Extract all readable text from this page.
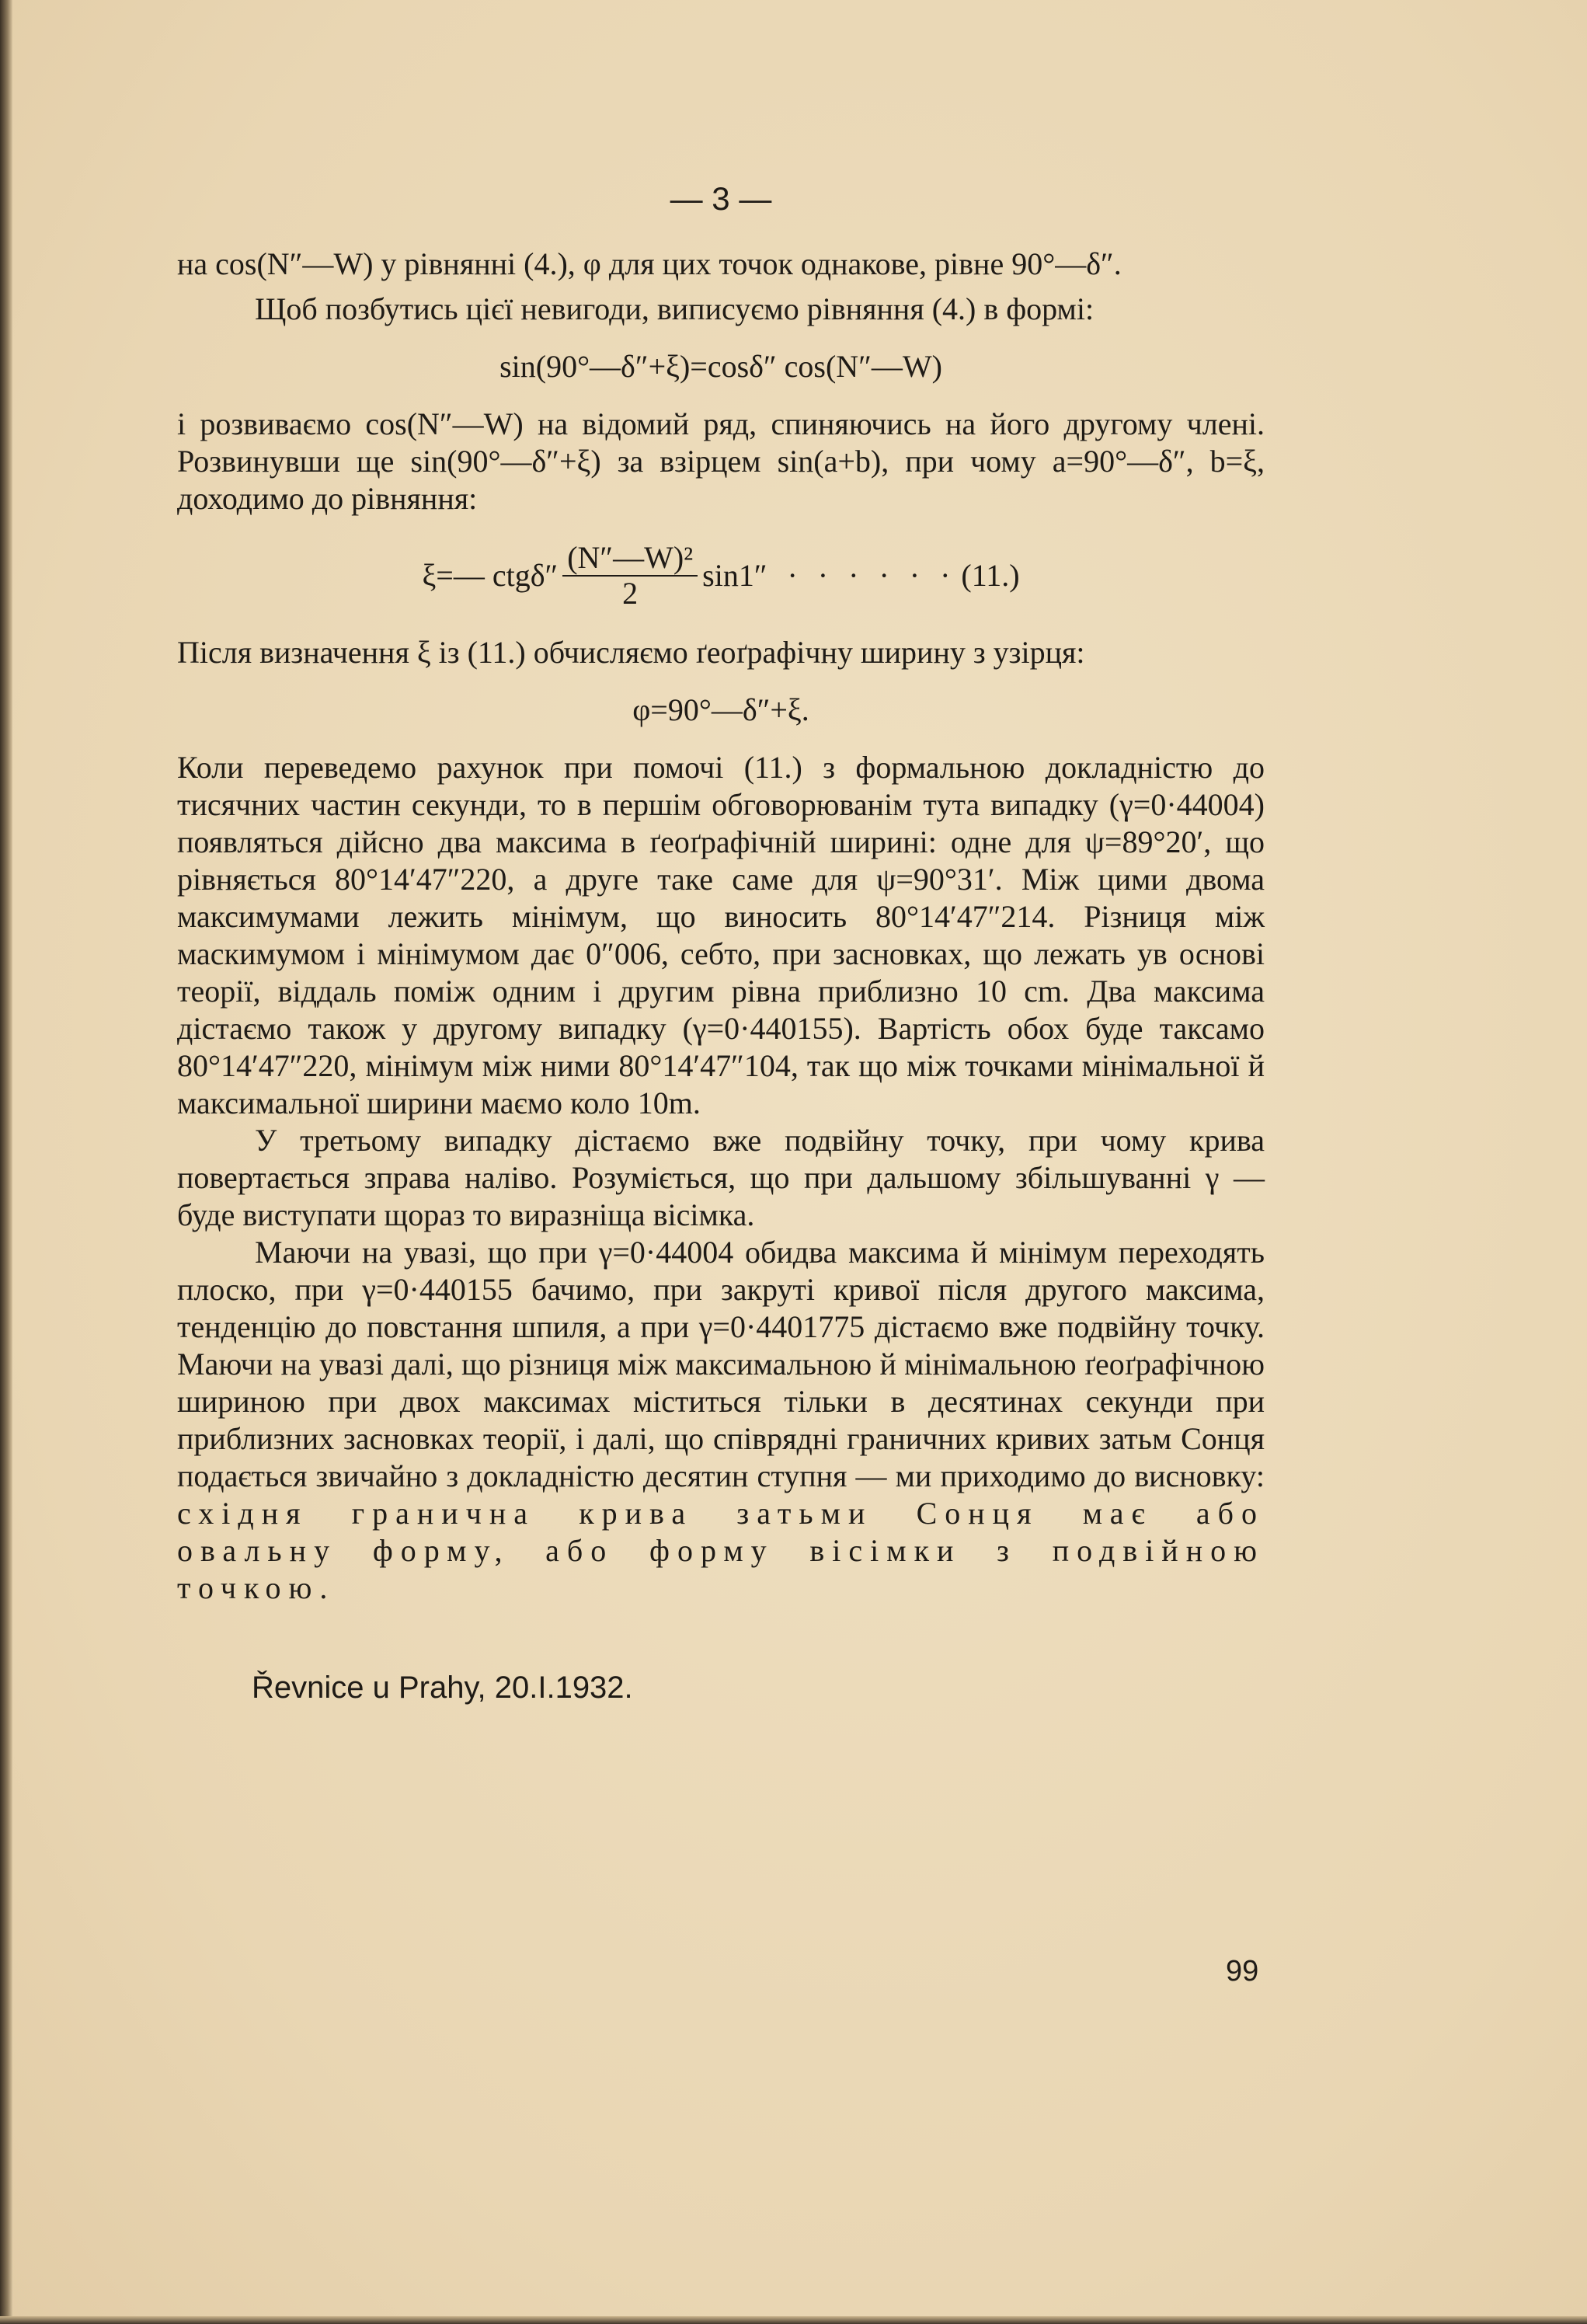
— 3 —

на cos(N″—W) у рівнянні (4.), φ для цих точок однакове, рівне 90°—δ″.

Щоб позбутись цієї невигоди, виписуємо рівняння (4.) в формі:

sin(90°—δ″+ξ)=cosδ″ cos(N″—W)

і розвиваємо cos(N″—W) на відомий ряд, спиняючись на його другому члені. Розвинувши ще sin(90°—δ″+ξ) за взірцем sin(a+b), при чому a=90°—δ″, b=ξ, доходимо до рівняння:

ξ=— $ctg\delta'' \frac{\text{(N″—W)²}}{2} \sin 1''$ · · · · · · (11.)

Після визначення ξ із (11.) обчисляємо ґеоґрафічну ширину з узірця:

φ=90°—δ″+ξ.

Коли переведемо рахунок при помочі (11.) з формальною докладністю до тисячних частин секунди, то в першім обговорюванім тута випадку (γ=0·44004) появляться дійсно два максима в ґеоґрафічній ширині: одне для ψ=89°20′, що рівняється 80°14′47″220, а друге таке саме для ψ=90°31′. Між цими двома максимумами лежить мінімум, що виносить 80°14′47″214. Різниця між маскимумом і мінімумом дає 0″006, себто, при засновках, що лежать ув основі теорії, віддаль поміж одним і другим рівна приблизно 10 cm. Два максима дістаємо також у другому випадку (γ=0·440155). Вартість обох буде таксамо 80°14′47″220, мінімум між ними 80°14′47″104, так що між точками мінімальної й максимальної ширини маємо коло 10m.

У третьому випадку дістаємо вже подвійну точку, при чому крива повертається зправа наліво. Розуміється, що при дальшому збільшуванні γ — буде виступати щораз то виразніща вісімка.

Маючи на увазі, що при γ=0·44004 обидва максима й мінімум переходять плоско, при γ=0·440155 бачимо, при закруті кривої після другого максима, тенденцію до повстання шпиля, а при γ=0·4401775 дістаємо вже подвійну точку. Маючи на увазі далі, що різниця між максимальною й мінімальною ґеоґрафічною шириною при двох максимах міститься тільки в десятинах секунди при приблизних засновках теорії, і далі, що співрядні граничних кривих затьм Сонця подається звичайно з докладністю десятин ступня — ми приходимо до висновку: східня гранична крива затьми Сонця має або овальну форму, або форму вісімки з подвійною точкою.

Řevnice u Prahy, 20.I.1932.
99
